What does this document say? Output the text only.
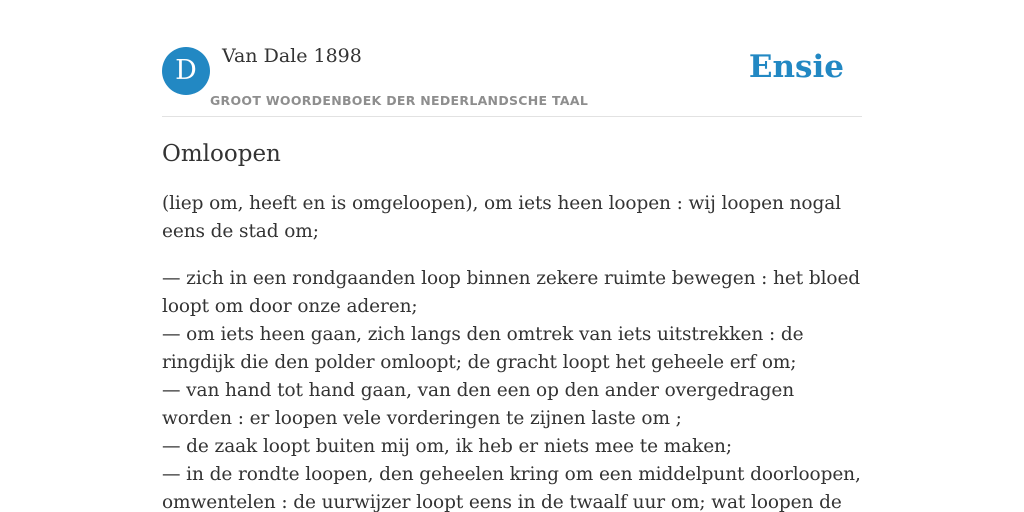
D	Van Dale 1898
GROOT WOORDENBOEK DER NEDERLANDSCHE TAAL
Ensie
Omloopen

(liep om, heeft en is omgeloopen), om iets heen loopen : wij loopen nogal eens de stad om;

— zich in een rondgaanden loop binnen zekere ruimte bewegen : het bloed loopt om door onze aderen;
— om iets heen gaan, zich langs den omtrek van iets uitstrekken : de ringdijk die den polder omloopt; de gracht loopt het geheele erf om;
— van hand tot hand gaan, van den een op den ander overgedragen worden : er loopen vele vorderingen te zijnen laste om ;
— de zaak loopt buiten mij om, ik heb er niets mee te maken;
— in de rondte loopen, den geheelen kring om een middelpunt doorloopen, omwentelen : de uurwijzer loopt eens in de twaalf uur om; wat loopen de
